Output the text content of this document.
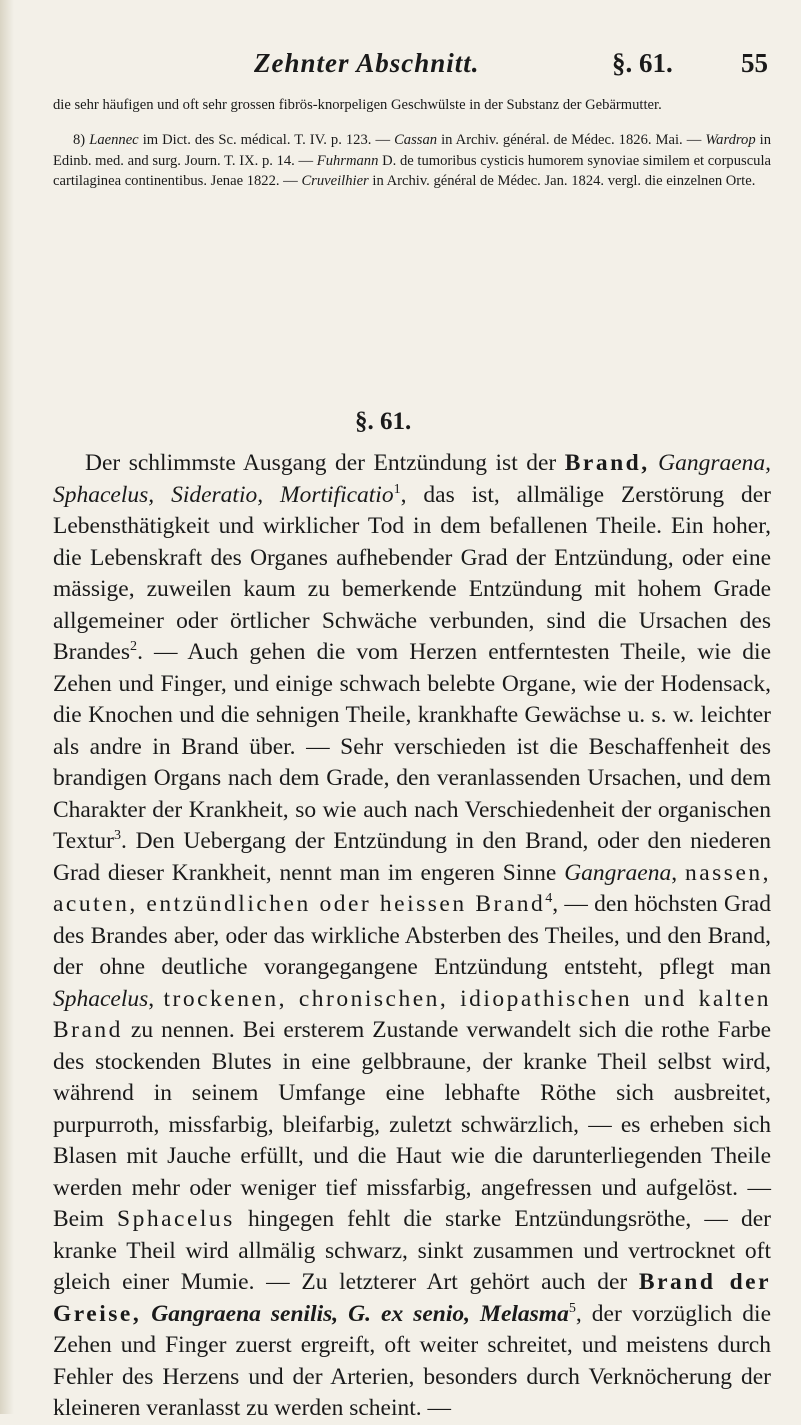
Zehnter Abschnitt.	§. 61.	55

die sehr häufigen und oft sehr grossen fibrös-knorpeligen Geschwülste in der Substanz der Gebärmutter.

8) Laennec im Dict. des Sc. médical. T. IV. p. 123. — Cassan in Archiv. général. de Médec. 1826. Mai. — Wardrop in Edinb. med. and surg. Journ. T. IX. p. 14. — Fuhrmann D. de tumoribus cysticis humorem synoviae similem et corpuscula cartilaginea continentibus. Jenae 1822. — Cruveilhier in Archiv. général de Médec. Jan. 1824. vergl. die einzelnen Orte.

§. 61.

Der schlimmste Ausgang der Entzündung ist der Brand, Gangraena, Sphacelus, Sideratio, Mortificatio$^1$, das ist, allmälige Zerstörung der Lebensthätigkeit und wirklicher Tod in dem befallenen Theile. Ein hoher, die Lebenskraft des Organes aufhebender Grad der Entzündung, oder eine mässige, zuweilen kaum zu bemerkende Entzündung mit hohem Grade allgemeiner oder örtlicher Schwäche verbunden, sind die Ursachen des Brandes$^2$. — Auch gehen die vom Herzen entferntesten Theile, wie die Zehen und Finger, und einige schwach belebte Organe, wie der Hodensack, die Knochen und die sehnigen Theile, krankhafte Gewächse u. s. w. leichter als andre in Brand über. — Sehr verschieden ist die Beschaffenheit des brandigen Organs nach dem Grade, den veranlassenden Ursachen, und dem Charakter der Krankheit, so wie auch nach Verschiedenheit der organischen Textur$^3$. Den Uebergang der Entzündung in den Brand, oder den niederen Grad dieser Krankheit, nennt man im engeren Sinne Gangraena, nassen, acuten, entzündlichen oder heissen Brand$^4$, — den höchsten Grad des Brandes aber, oder das wirkliche Absterben des Theiles, und den Brand, der ohne deutliche vorangegangene Entzündung entsteht, pflegt man Sphacelus, trockenen, chronischen, idiopathischen und kalten Brand zu nennen. Bei ersterem Zustande verwandelt sich die rothe Farbe des stockenden Blutes in eine gelbbraune, der kranke Theil selbst wird, während in seinem Umfange eine lebhafte Röthe sich ausbreitet, purpurroth, missfarbig, bleifarbig, zuletzt schwärzlich, — es erheben sich Blasen mit Jauche erfüllt, und die Haut wie die darunterliegenden Theile werden mehr oder weniger tief missfarbig, angefressen und aufgelöst. — Beim Sphacelus hingegen fehlt die starke Entzündungsröthe, — der kranke Theil wird allmälig schwarz, sinkt zusammen und vertrocknet oft gleich einer Mumie. — Zu letzterer Art gehört auch der Brand der Greise, Gangraena senilis, G. ex senio, Melasma$^5$, der vorzüglich die Zehen und Finger zuerst ergreift, oft weiter schreitet, und meistens durch Fehler des Herzens und der Arterien, besonders durch Verknöcherung der kleineren veranlasst zu werden scheint. —
